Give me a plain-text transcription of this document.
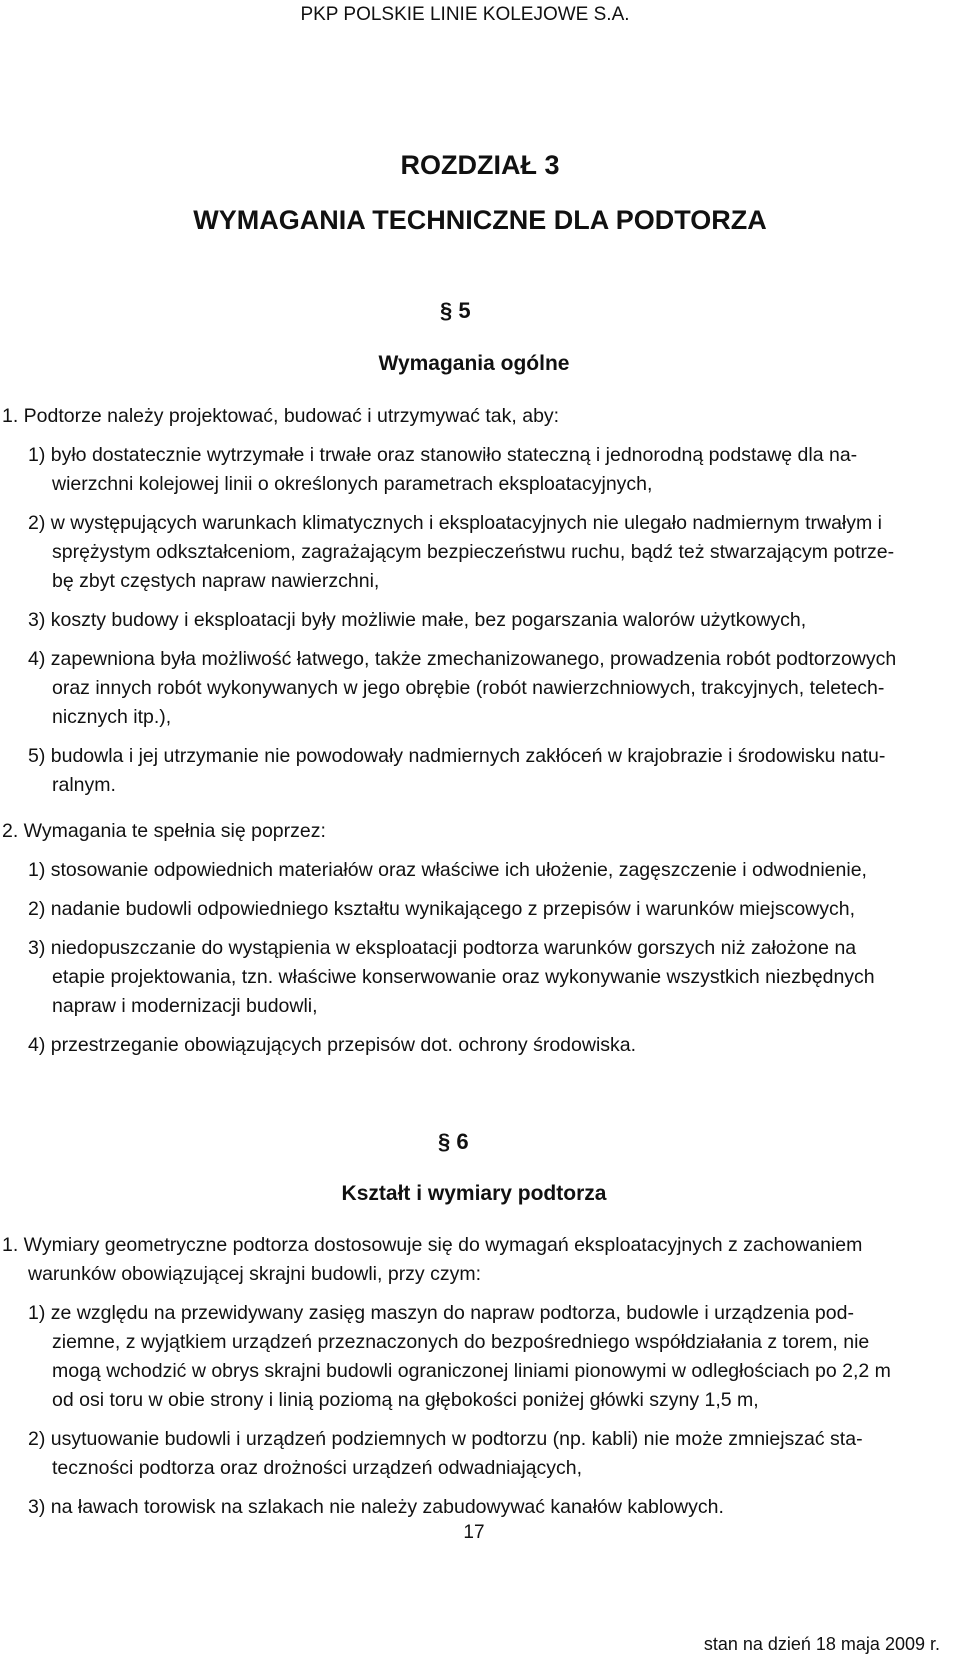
PKP POLSKIE LINIE KOLEJOWE S.A.
ROZDZIAŁ 3
WYMAGANIA TECHNICZNE DLA PODTORZA
§ 5
Wymagania ogólne
1. Podtorze należy projektować, budować i utrzymywać tak, aby:
1) było dostatecznie wytrzymałe i trwałe oraz stanowiło stateczną i jednorodną podstawę dla na-
wierzchni kolejowej linii o określonych parametrach eksploatacyjnych,
2) w występujących warunkach klimatycznych i eksploatacyjnych nie ulegało nadmiernym trwałym i
sprężystym odkształceniom, zagrażającym bezpieczeństwu ruchu, bądź też stwarzającym potrze-
bę zbyt częstych napraw nawierzchni,
3) koszty budowy i eksploatacji były możliwie małe, bez pogarszania walorów użytkowych,
4) zapewniona była możliwość łatwego, także zmechanizowanego, prowadzenia robót podtorzowych
oraz innych robót wykonywanych w jego obrębie (robót nawierzchniowych, trakcyjnych, teletech-
nicznych itp.),
5) budowla i jej utrzymanie nie powodowały nadmiernych zakłóceń w krajobrazie i środowisku natu-
ralnym.
2. Wymagania te spełnia się poprzez:
1) stosowanie odpowiednich materiałów oraz właściwe ich ułożenie, zagęszczenie i odwodnienie,
2) nadanie budowli odpowiedniego kształtu wynikającego z przepisów i warunków miejscowych,
3) niedopuszczanie do wystąpienia w eksploatacji podtorza warunków gorszych niż założone na
etapie projektowania, tzn. właściwe konserwowanie oraz wykonywanie wszystkich niezbędnych
napraw i modernizacji budowli,
4) przestrzeganie obowiązujących przepisów dot. ochrony środowiska.
§ 6
Kształt i wymiary podtorza
1. Wymiary geometryczne podtorza dostosowuje się do wymagań eksploatacyjnych z zachowaniem
warunków obowiązującej skrajni budowli, przy czym:
1) ze względu na przewidywany zasięg maszyn do napraw podtorza, budowle i urządzenia pod-
ziemne, z wyjątkiem urządzeń przeznaczonych do bezpośredniego współdziałania z torem, nie
mogą wchodzić w obrys skrajni budowli ograniczonej liniami pionowymi w odległościach po 2,2 m
od osi toru w obie strony i linią poziomą na głębokości poniżej główki szyny 1,5 m,
2) usytuowanie budowli i urządzeń podziemnych w podtorzu (np. kabli) nie może zmniejszać sta-
teczności podtorza oraz drożności urządzeń odwadniających,
3) na ławach torowisk na szlakach nie należy zabudowywać kanałów kablowych.
17
stan na dzień 18 maja 2009 r.
